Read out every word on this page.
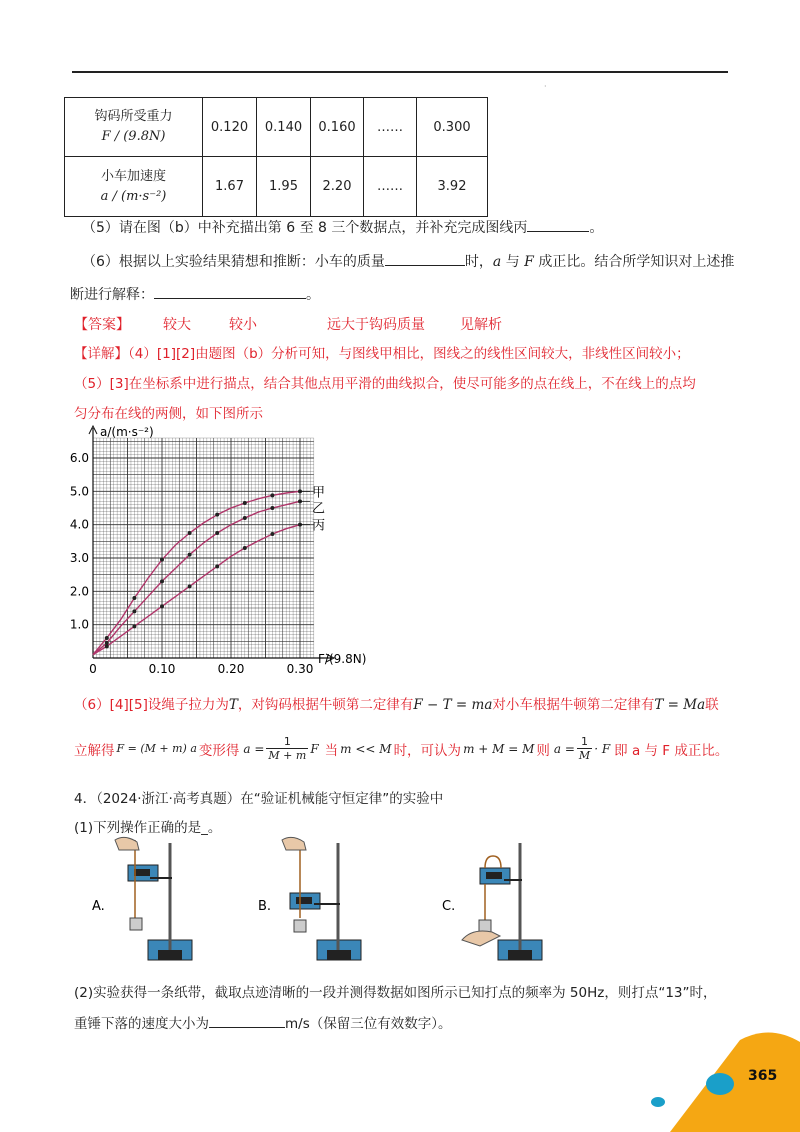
·
钩码所受重力
F / (9.8N)	0.120	0.140	0.160	……	0.300

小车加速度
a / (m·s⁻²)	1.67	1.95	2.20	……	3.92
（5）请在图（b）中补充描出第 6 至 8 三个数据点，并补充完成图线丙	。
（6）根据以上实验结果猜想和推断：小车的质量	时，a 与 F 成正比。结合所学知识对上述推
断进行解释：	。
【答案】 较大	较小	远大于钩码质量	见解析
【详解】（4）[1][2]由题图（b）分析可知，与图线甲相比，图线之的线性区间较大，非线性区间较小；
（5）[3]在坐标系中进行描点，结合其他点用平滑的曲线拟合，使尽可能多的点在线上，不在线上的点均
匀分布在线的两侧，如下图所示
甲
乙
丙
1.0
2.0
3.0
4.0
5.0
6.0
0	0.10	0.20	0.30
a/(m·s⁻²)
F/(9.8N)
（6）[4][5]设绳子拉力为T，对钩码根据牛顿第二定律有F − T = ma对小车根据牛顿第二定律有T = Ma联
立解得 F = (M + m) a 变形得 $a = \frac{1}{M + m}$ F 当 m << M 时，可认为 m + M = M 则 $a = \frac{1}{M} \cdot F$ 即 a 与 F 成正比。
4．（2024·浙江·高考真题）在“验证机械能守恒定律”的实验中
(1)下列操作正确的是_。
A.	B.	C.
(2)实验获得一条纸带，截取点迹清晰的一段并测得数据如图所示已知打点的频率为 50Hz，则打点“13”时，
重锤下落的速度大小为	m/s（保留三位有效数字）。
365
